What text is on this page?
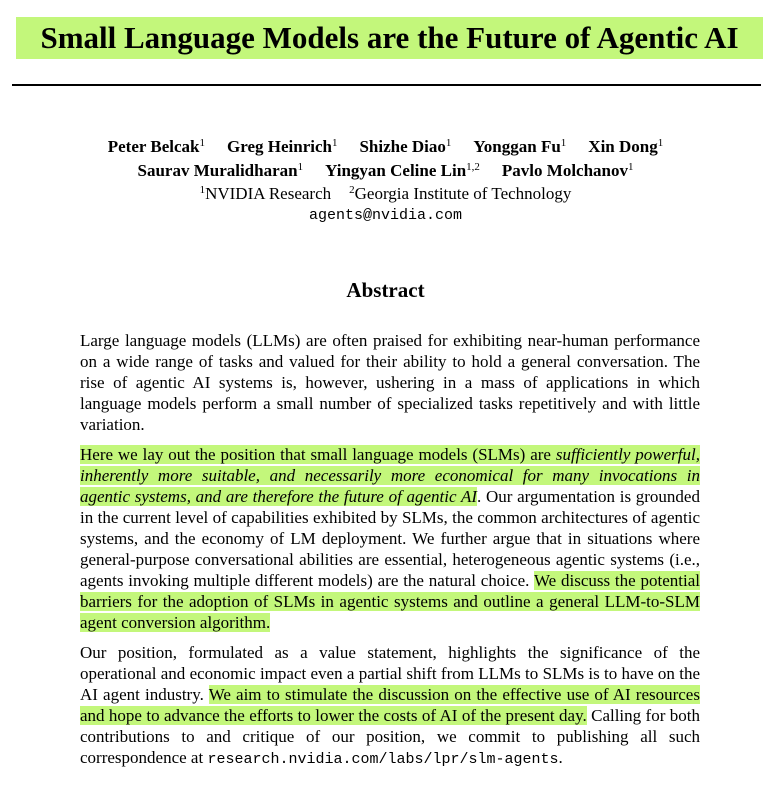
Small Language Models are the Future of Agentic AI
Peter Belcak$^1$ Greg Heinrich$^1$ Shizhe Diao$^1$ Yonggan Fu$^1$ Xin Dong$^1$
Saurav Muralidharan$^1$ Yingyan Celine Lin$^{1,2}$ Pavlo Molchanov$^1$
$^1$NVIDIA Research $^2$Georgia Institute of Technology
agents@nvidia.com
Abstract

Large language models (LLMs) are often praised for exhibiting near-human performance on a wide range of tasks and valued for their ability to hold a general conversation. The rise of agentic AI systems is, however, ushering in a mass of applications in which language models perform a small number of specialized tasks repetitively and with little variation.

Here we lay out the position that small language models (SLMs) are sufficiently powerful, inherently more suitable, and necessarily more economical for many invocations in agentic systems, and are therefore the future of agentic AI. Our argumentation is grounded in the current level of capabilities exhibited by SLMs, the common architectures of agentic systems, and the economy of LM deployment. We further argue that in situations where general-purpose conversational abilities are essential, heterogeneous agentic systems (i.e., agents invoking multiple different models) are the natural choice. We discuss the potential barriers for the adoption of SLMs in agentic systems and outline a general LLM-to-SLM agent conversion algorithm.

Our position, formulated as a value statement, highlights the significance of the operational and economic impact even a partial shift from LLMs to SLMs is to have on the AI agent industry. We aim to stimulate the discussion on the effective use of AI resources and hope to advance the efforts to lower the costs of AI of the present day. Calling for both contributions to and critique of our position, we commit to publishing all such correspondence at research.nvidia.com/labs/lpr/slm-agents.
